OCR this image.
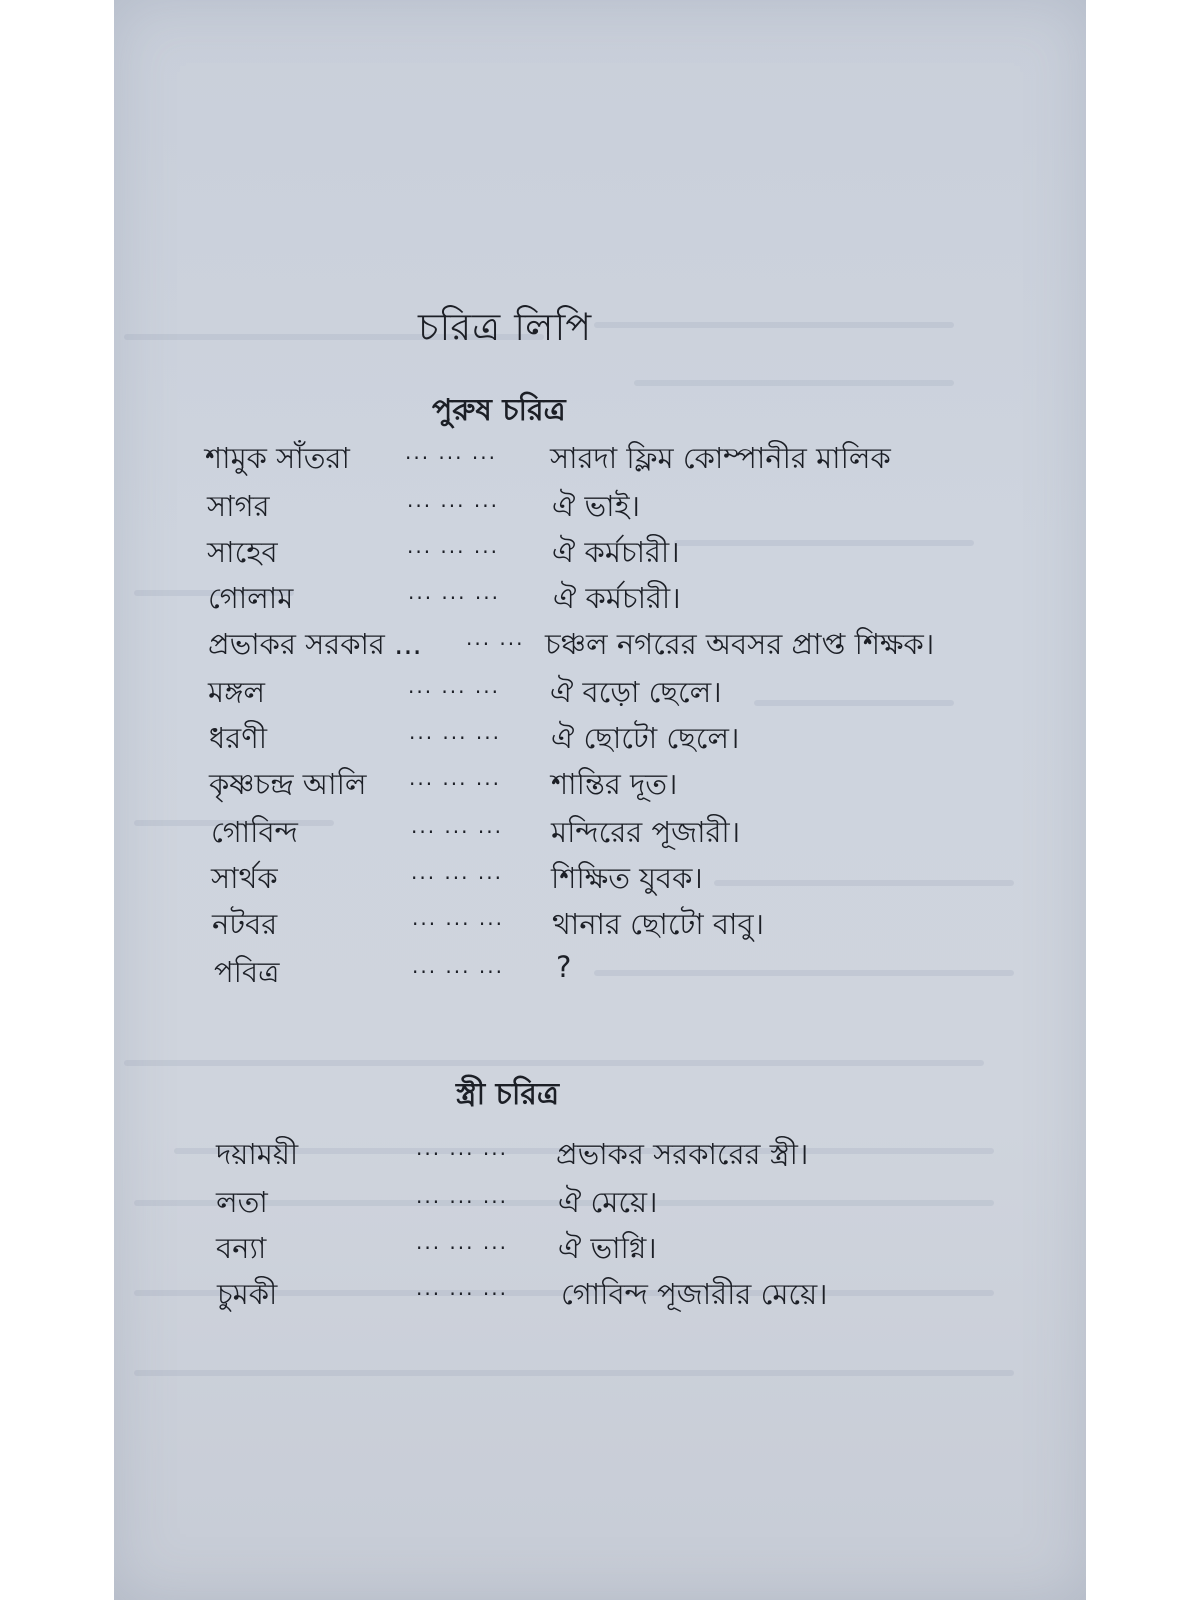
চরিত্র লিপি
পুরুষ চরিত্র
শামুক সাঁতরা	... ... ... সারদা ফ্লিম কোম্পানীর মালিক
সাগর	... ... ... ঐ ভাই।
সাহেব	... ... ... ঐ কর্মচারী।
গোলাম	... ... ... ঐ কর্মচারী।
প্রভাকর সরকার ... ... ... চঞ্চল নগরের অবসর প্রাপ্ত শিক্ষক।
মঙ্গল	... ... ... ঐ বড়ো ছেলে।
ধরণী	... ... ... ঐ ছোটো ছেলে।
কৃষ্ণচন্দ্র আলি ... ... ... শান্তির দূত।
গোবিন্দ	... ... ... মন্দিরের পূজারী।
সার্থক	... ... ... শিক্ষিত যুবক।
নটবর	... ... ... থানার ছোটো বাবু।
পবিত্র	... ... ... ?
স্ত্রী চরিত্র
দয়াময়ী	... ... ... প্রভাকর সরকারের স্ত্রী।
লতা	... ... ... ঐ মেয়ে।
বন্যা	... ... ... ঐ ভাগ্নি।
চুমকী	... ... ... গোবিন্দ পূজারীর মেয়ে।
